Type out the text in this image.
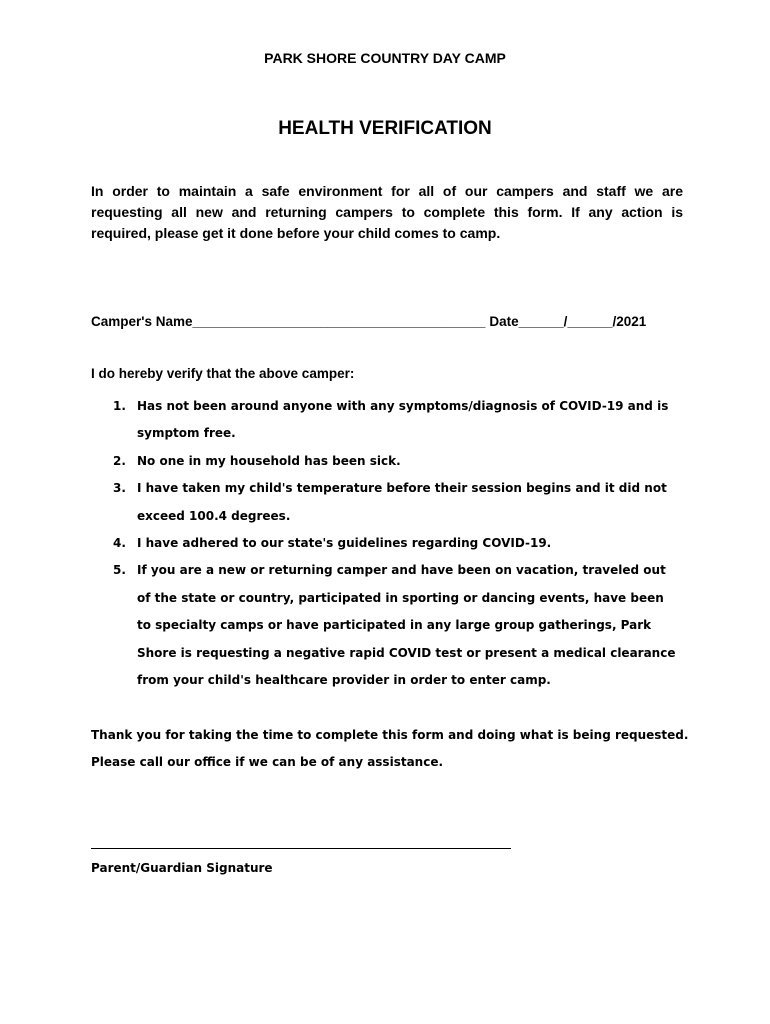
PARK SHORE COUNTRY DAY CAMP
HEALTH VERIFICATION

In order to maintain a safe environment for all of our campers and staff we are requesting all new and returning campers to complete this form. If any action is required, please get it done before your child comes to camp.

Camper's Name_______________________________________ Date______/______/2021
I do hereby verify that the above camper:
1. Has not been around anyone with any symptoms/diagnosis of COVID-19 and is symptom free.
2. No one in my household has been sick.
3. I have taken my child's temperature before their session begins and it did not exceed 100.4 degrees.
4. I have adhered to our state's guidelines regarding COVID-19.
5. If you are a new or returning camper and have been on vacation, traveled out of the state or country, participated in sporting or dancing events, have been to specialty camps or have participated in any large group gatherings, Park Shore is requesting a negative rapid COVID test or present a medical clearance from your child's healthcare provider in order to enter camp.

Thank you for taking the time to complete this form and doing what is being requested. Please call our office if we can be of any assistance.

Parent/Guardian Signature
